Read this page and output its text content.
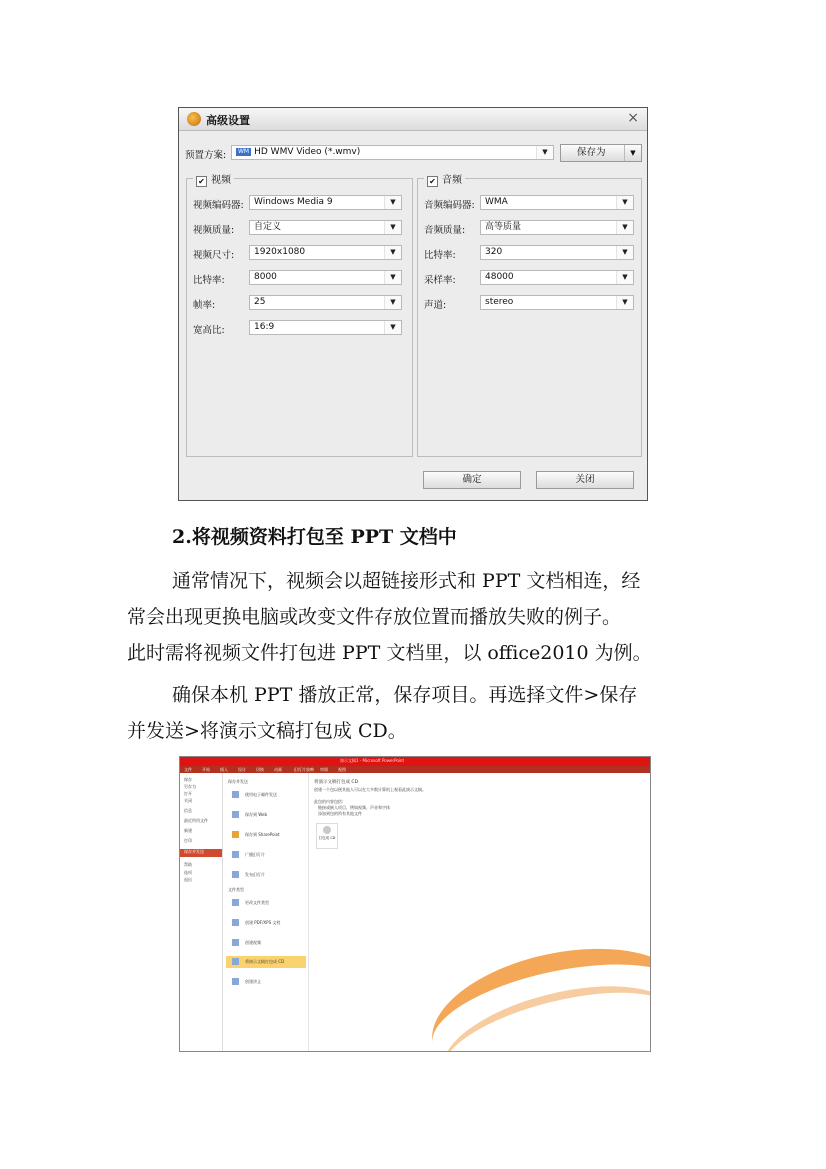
高级设置	×
预置方案:	WM HD WMV Video (*.wmv)	▼	保存为	▼
✔ 视频
视频编码器:	Windows Media 9	▼
视频质量:	自定义	▼
视频尺寸:	1920x1080	▼
比特率:	8000	▼
帧率:	25	▼
宽高比:	16:9	▼
✔ 音频
音频编码器:	WMA	▼
音频质量:	高等质量	▼
比特率:	320	▼
采样率:	48000	▼
声道:	stereo	▼
确定	关闭
2.将视频资料打包至 PPT 文档中
通常情况下，视频会以超链接形式和 PPT 文档相连，经
常会出现更换电脑或改变文件存放位置而播放失败的例子。
此时需将视频文件打包进 PPT 文档里，以 office2010 为例。
确保本机 PPT 播放正常，保存项目。再选择文件>保存
并发送>将演示文稿打包成 CD。
演示文稿1 - Microsoft PowerPoint
文件	开始	插入	设计	切换	动画	幻灯片放映 审阅	视图
保存
另存为
打开
关闭
信息
最近所用文件
新建
打印
保存并发送
帮助
选项
退出
保存并发送
使用电子邮件发送
保存到 Web
保存到 SharePoint
广播幻灯片
发布幻灯片
文件类型
更改文件类型
创建 PDF/XPS 文档
创建视频
将演示文稿打包成 CD
创建讲义
将演示文稿打包成 CD
创建一个包以便其他人可以在大多数计算机上观看此演示文稿。
此包的内容包括:
链接或嵌入项目，例如视频、声音和字体
添加到包的所有其他文件
打包成 CD
